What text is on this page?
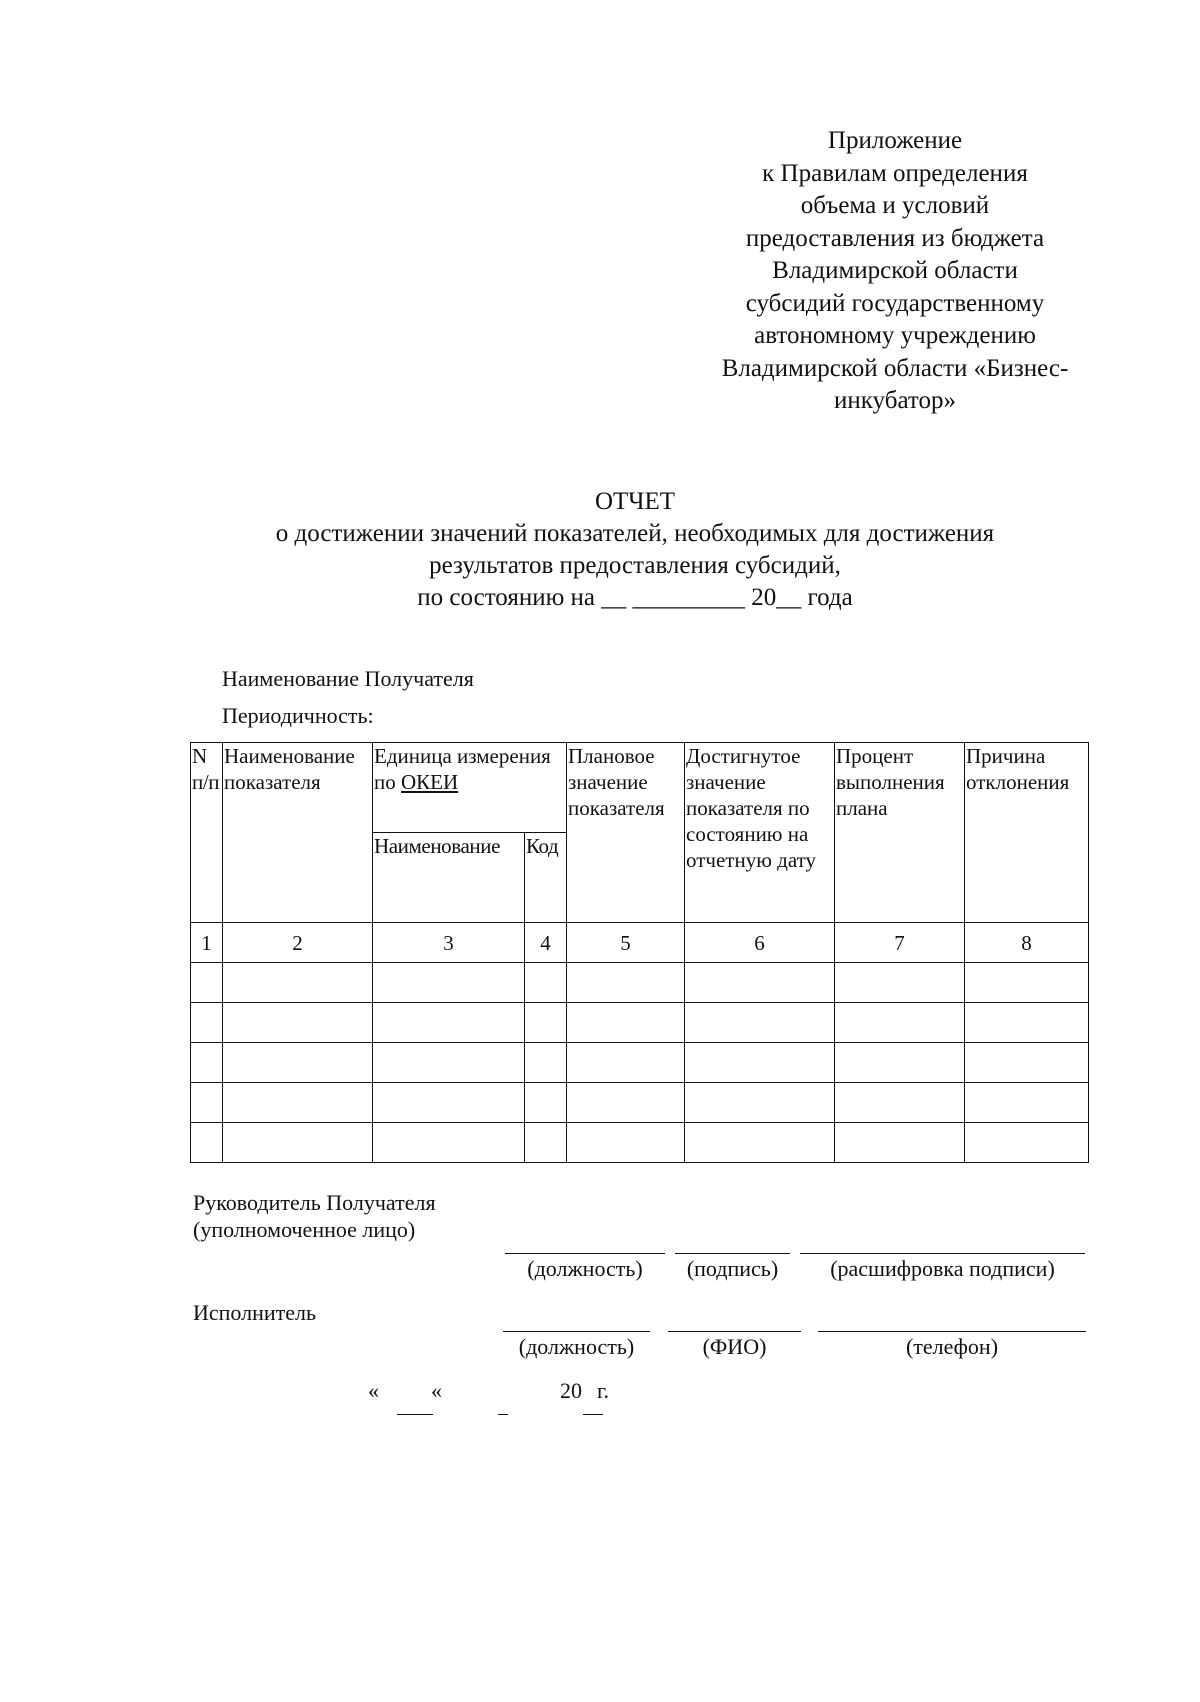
Приложение
к Правилам определения
объема и условий
предоставления из бюджета
Владимирской области
субсидий государственному
автономному учреждению
Владимирской области «Бизнес-
инкубатор»
ОТЧЕТ
о достижении значений показателей, необходимых для достижения
результатов предоставления субсидий,
по состоянию на __ _________ 20__ года
Наименование Получателя
Периодичность:
N п/п	Наименование показателя	Единица измерения по ОКЕИ		Плановое значение показателя	Достигнутое значение показателя по состоянию на отчетную дату	Процент выполнения плана	Причина отклонения
		Наименование	Код				
1	2	3	4	5	6	7	8

Руководитель Получателя
(уполномоченное лицо)
(должность)	(подпись)	(расшифровка подписи)
Исполнитель
(должность)	(ФИО)	(телефон)
« «	20 г.
